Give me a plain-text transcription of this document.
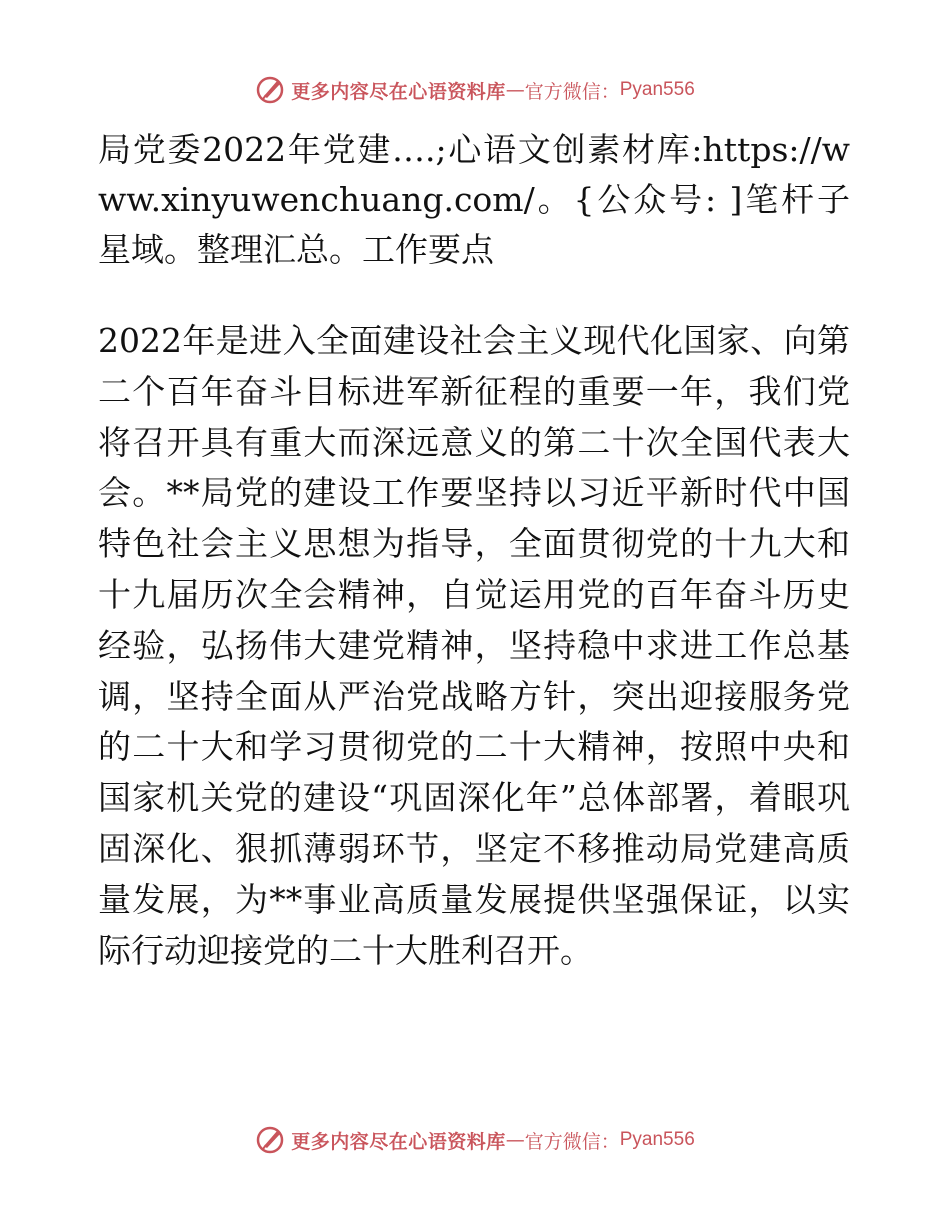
更多内容尽在心语资料库 — 官方微信： Pyan556

局党委2022年党建….;心语文创素材库:https://www.xinyuwenchuang.com/。{公众号: ]笔杆子星域。整理汇总。工作要点

2022年是进入全面建设社会主义现代化国家、向第二个百年奋斗目标进军新征程的重要一年，我们党将召开具有重大而深远意义的第二十次全国代表大会。**局党的建设工作要坚持以习近平新时代中国特色社会主义思想为指导，全面贯彻党的十九大和十九届历次全会精神，自觉运用党的百年奋斗历史经验，弘扬伟大建党精神，坚持稳中求进工作总基调，坚持全面从严治党战略方针，突出迎接服务党的二十大和学习贯彻党的二十大精神，按照中央和国家机关党的建设“巩固深化年”总体部署，着眼巩固深化、狠抓薄弱环节，坚定不移推动局党建高质量发展，为**事业高质量发展提供坚强保证，以实际行动迎接党的二十大胜利召开。

更多内容尽在心语资料库 — 官方微信： Pyan556
